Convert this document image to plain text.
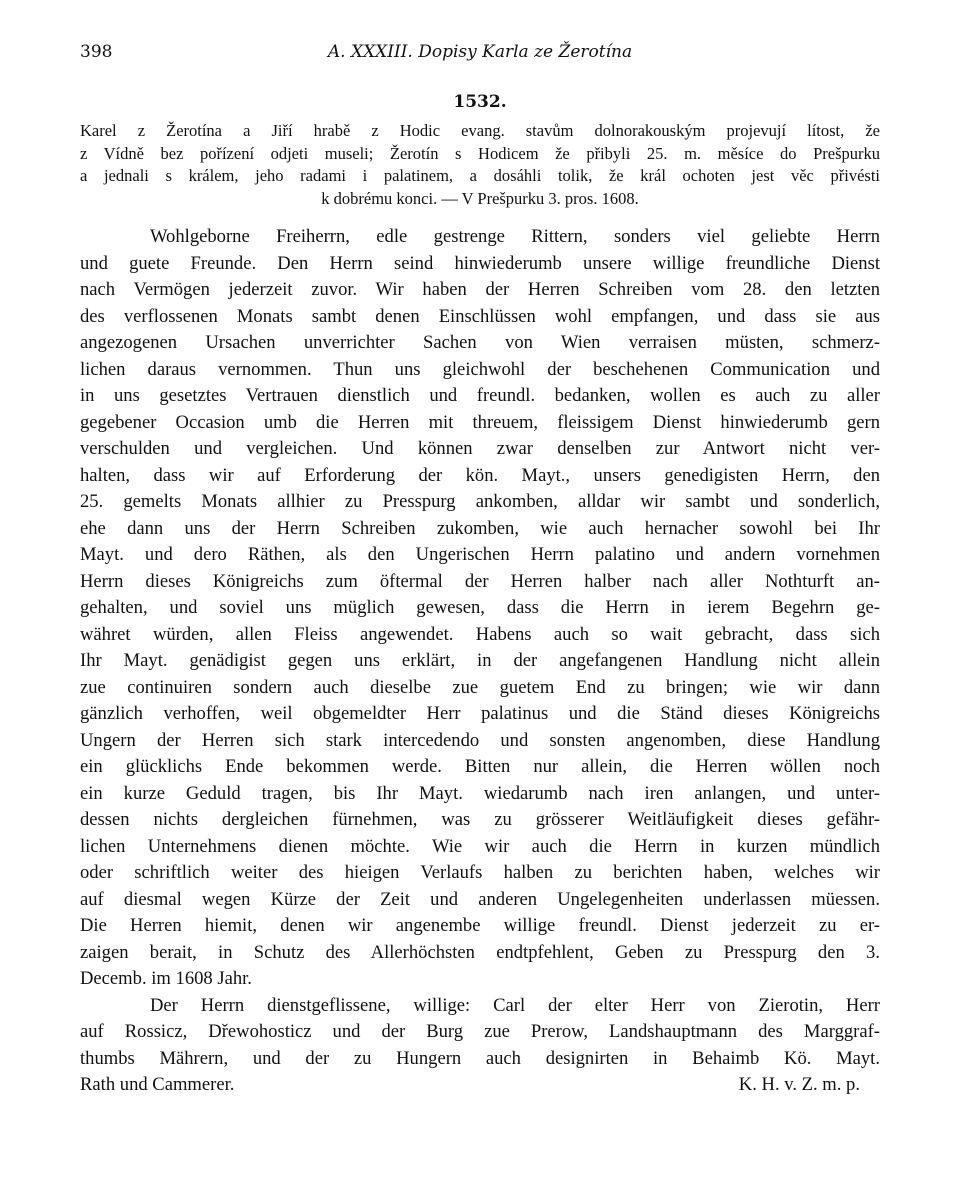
398	A. XXXIII. Dopisy Karla ze Žerotína
1532.
Karel z Žerotína a Jiří hrabě z Hodic evang. stavům dolnorakouským projevují lítost, že
z Vídně bez pořízení odjeti museli; Žerotín s Hodicem že přibyli 25. m. měsíce do Prešpurku
a jednali s králem, jeho radami i palatinem, a dosáhli tolik, že král ochoten jest věc přivésti
k dobrému konci. — V Prešpurku 3. pros. 1608.
Wohlgeborne Freiherrn, edle gestrenge Rittern, sonders viel geliebte Herrn
und guete Freunde. Den Herrn seind hinwiederumb unsere willige freundliche Dienst
nach Vermögen jederzeit zuvor. Wir haben der Herren Schreiben vom 28. den letzten
des verflossenen Monats sambt denen Einschlüssen wohl empfangen, und dass sie aus
angezogenen Ursachen unverrichter Sachen von Wien verraisen müsten, schmerz-
lichen daraus vernommen. Thun uns gleichwohl der beschehenen Communication und
in uns gesetztes Vertrauen dienstlich und freundl. bedanken, wollen es auch zu aller
gegebener Occasion umb die Herren mit threuem, fleissigem Dienst hinwiederumb gern
verschulden und vergleichen. Und können zwar denselben zur Antwort nicht ver-
halten, dass wir auf Erforderung der kön. Mayt., unsers genedigisten Herrn, den
25. gemelts Monats allhier zu Presspurg ankomben, alldar wir sambt und sonderlich,
ehe dann uns der Herrn Schreiben zukomben, wie auch hernacher sowohl bei Ihr
Mayt. und dero Räthen, als den Ungerischen Herrn palatino und andern vornehmen
Herrn dieses Königreichs zum öftermal der Herren halber nach aller Nothturft an-
gehalten, und soviel uns müglich gewesen, dass die Herrn in ierem Begehrn ge-
währet würden, allen Fleiss angewendet. Habens auch so wait gebracht, dass sich
Ihr Mayt. genädigist gegen uns erklärt, in der angefangenen Handlung nicht allein
zue continuiren sondern auch dieselbe zue guetem End zu bringen; wie wir dann
gänzlich verhoffen, weil obgemeldter Herr palatinus und die Ständ dieses Königreichs
Ungern der Herren sich stark intercedendo und sonsten angenomben, diese Handlung
ein glücklichs Ende bekommen werde. Bitten nur allein, die Herren wöllen noch
ein kurze Geduld tragen, bis Ihr Mayt. wiedarumb nach iren anlangen, und unter-
dessen nichts dergleichen fürnehmen, was zu grösserer Weitläufigkeit dieses gefähr-
lichen Unternehmens dienen möchte. Wie wir auch die Herrn in kurzen mündlich
oder schriftlich weiter des hieigen Verlaufs halben zu berichten haben, welches wir
auf diesmal wegen Kürze der Zeit und anderen Ungelegenheiten underlassen müessen.
Die Herren hiemit, denen wir angenembe willige freundl. Dienst jederzeit zu er-
zaigen berait, in Schutz des Allerhöchsten endtpfehlent, Geben zu Presspurg den 3.
Decemb. im 1608 Jahr.
Der Herrn dienstgeflissene, willige: Carl der elter Herr von Zierotin, Herr
auf Rossicz, Dřewohosticz und der Burg zue Prerow, Landshauptmann des Marggraf-
thumbs Mährern, und der zu Hungern auch designirten in Behaimb Kö. Mayt.
Rath und Cammerer.	K. H. v. Z. m. p.
